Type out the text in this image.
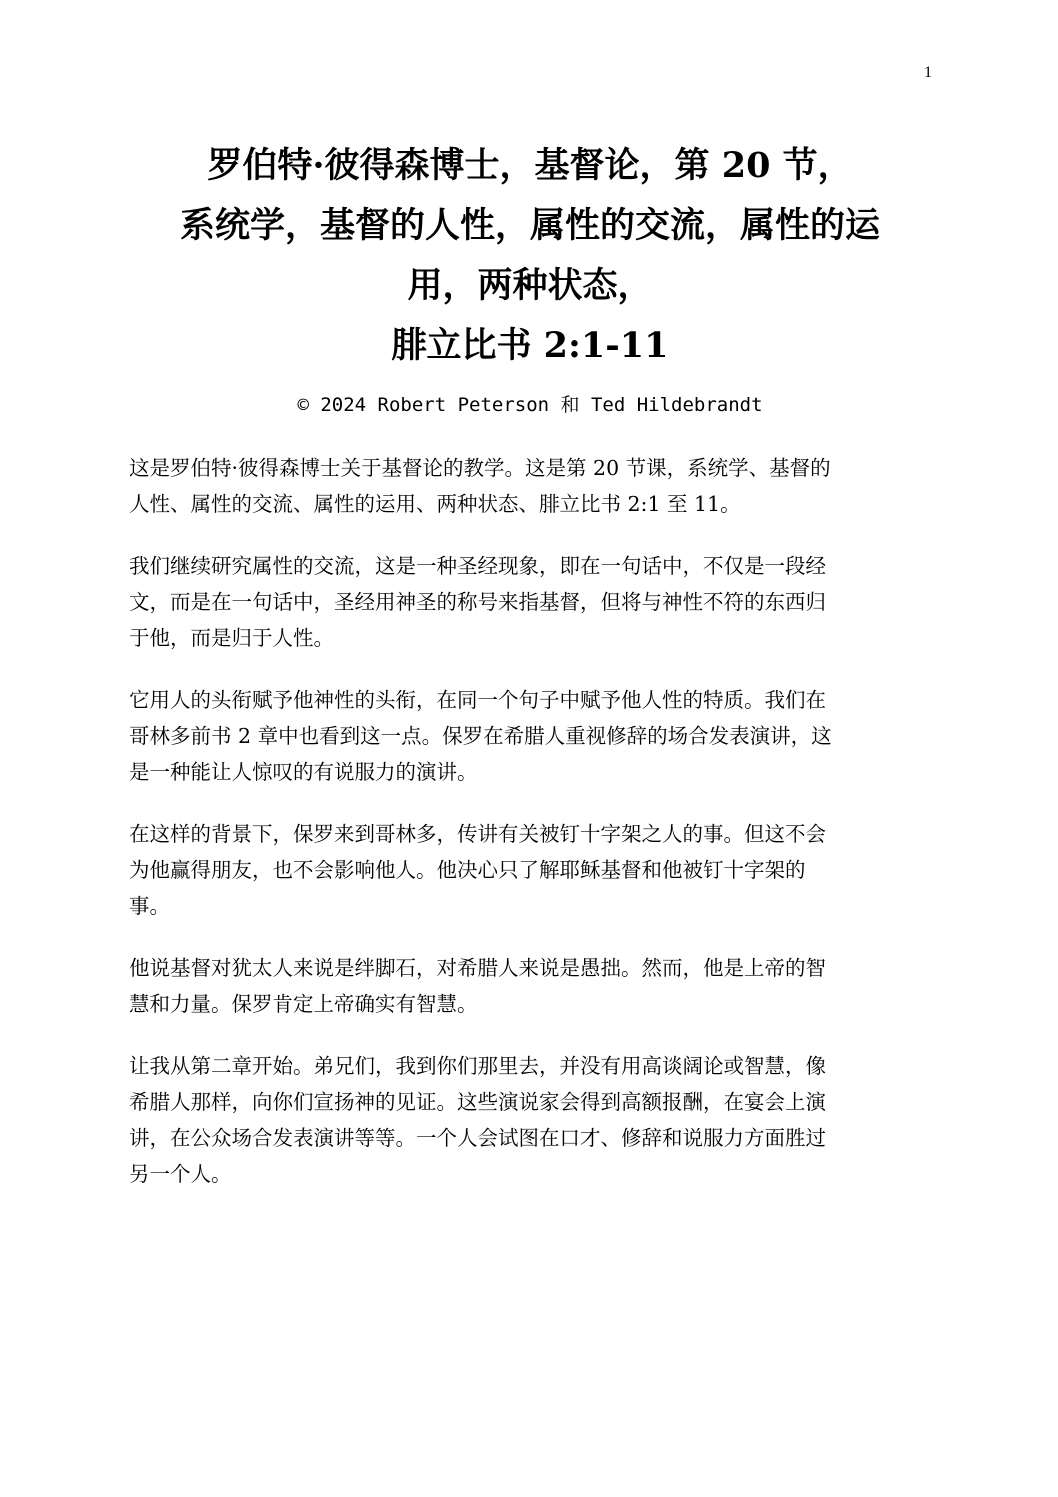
1
罗伯特·彼得森博士，基督论，第 20 节，
系统学，基督的人性，属性的交流，属性的运
用，两种状态，
腓立比书 2:1-11
© 2024 Robert Peterson 和 Ted Hildebrandt

这是罗伯特·彼得森博士关于基督论的教学。这是第 20 节课，系统学、基督的
人性、属性的交流、属性的运用、两种状态、腓立比书 2:1 至 11。

我们继续研究属性的交流，这是一种圣经现象，即在一句话中，不仅是一段经
文，而是在一句话中，圣经用神圣的称号来指基督，但将与神性不符的东西归
于他，而是归于人性。

它用人的头衔赋予他神性的头衔，在同一个句子中赋予他人性的特质。我们在
哥林多前书 2 章中也看到这一点。保罗在希腊人重视修辞的场合发表演讲，这
是一种能让人惊叹的有说服力的演讲。

在这样的背景下，保罗来到哥林多，传讲有关被钉十字架之人的事。但这不会
为他赢得朋友，也不会影响他人。他决心只了解耶稣基督和他被钉十字架的
事。

他说基督对犹太人来说是绊脚石，对希腊人来说是愚拙。然而，他是上帝的智
慧和力量。保罗肯定上帝确实有智慧。

让我从第二章开始。弟兄们，我到你们那里去，并没有用高谈阔论或智慧，像
希腊人那样，向你们宣扬神的见证。这些演说家会得到高额报酬，在宴会上演
讲，在公众场合发表演讲等等。一个人会试图在口才、修辞和说服力方面胜过
另一个人。
